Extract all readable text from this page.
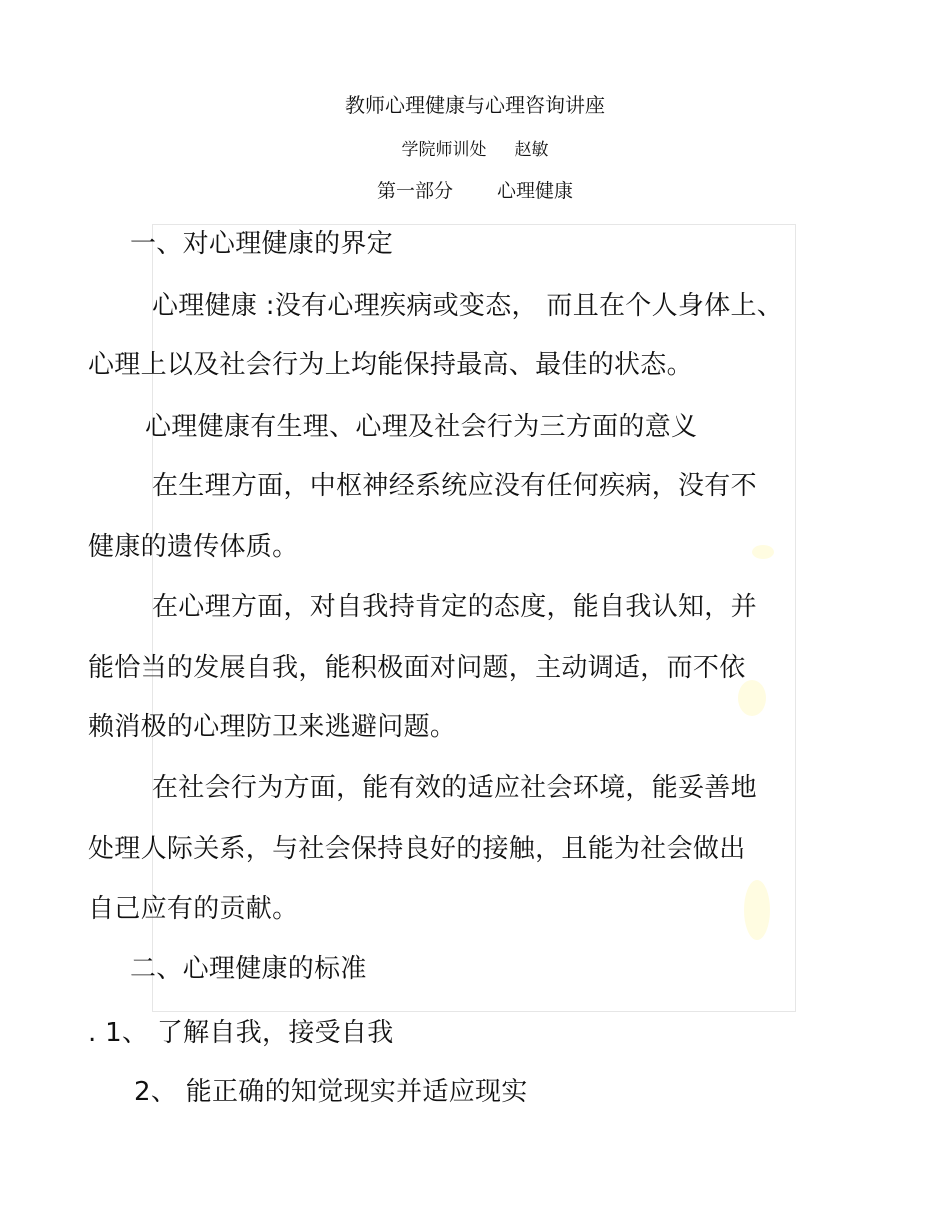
教师心理健康与心理咨询讲座
学院师训处 赵敏
第一部分 心理健康
一、对心理健康的界定
心理健康 :没有心理疾病或变态， 而且在个人身体上、
心理上以及社会行为上均能保持最高、最佳的状态。
心理健康有生理、心理及社会行为三方面的意义
在生理方面，中枢神经系统应没有任何疾病，没有不
健康的遗传体质。
在心理方面，对自我持肯定的态度，能自我认知，并
能恰当的发展自我，能积极面对问题，主动调适，而不依
赖消极的心理防卫来逃避问题。
在社会行为方面，能有效的适应社会环境，能妥善地
处理人际关系，与社会保持良好的接触，且能为社会做出
自己应有的贡献。
二、心理健康的标准
. 1、 了解自我，接受自我
2、 能正确的知觉现实并适应现实
